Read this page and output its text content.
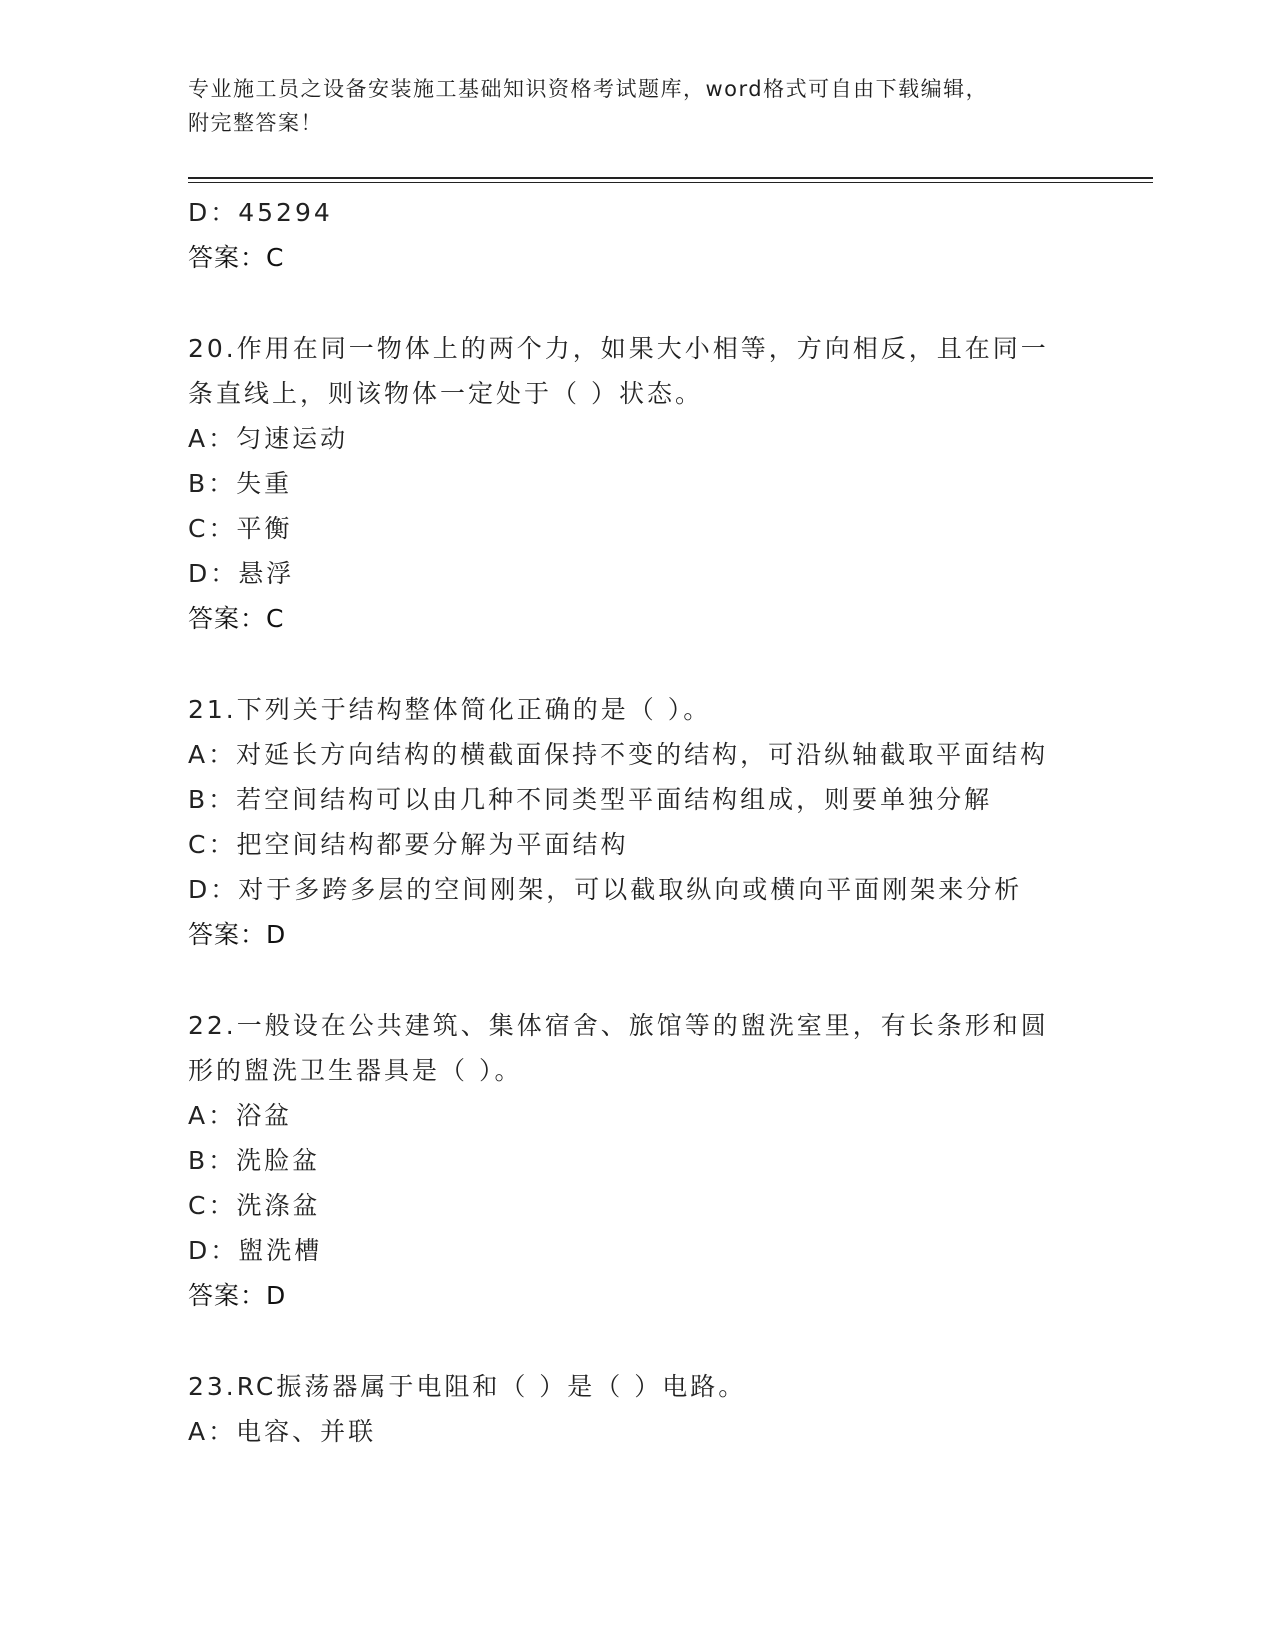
专业施工员之设备安装施工基础知识资格考试题库，word格式可自由下载编辑，
附完整答案！
D：45294
答案：C
20.作用在同一物体上的两个力，如果大小相等，方向相反，且在同一
条直线上，则该物体一定处于（ ）状态。
A：匀速运动
B：失重
C：平衡
D：悬浮
答案：C
21.下列关于结构整体简化正确的是（ ）。
A：对延长方向结构的横截面保持不变的结构，可沿纵轴截取平面结构
B：若空间结构可以由几种不同类型平面结构组成，则要单独分解
C：把空间结构都要分解为平面结构
D：对于多跨多层的空间刚架，可以截取纵向或横向平面刚架来分析
答案：D
22.一般设在公共建筑、集体宿舍、旅馆等的盥洗室里，有长条形和圆
形的盥洗卫生器具是（ ）。
A：浴盆
B：洗脸盆
C：洗涤盆
D：盥洗槽
答案：D
23.RC振荡器属于电阻和（ ）是（ ）电路。
A：电容、并联
